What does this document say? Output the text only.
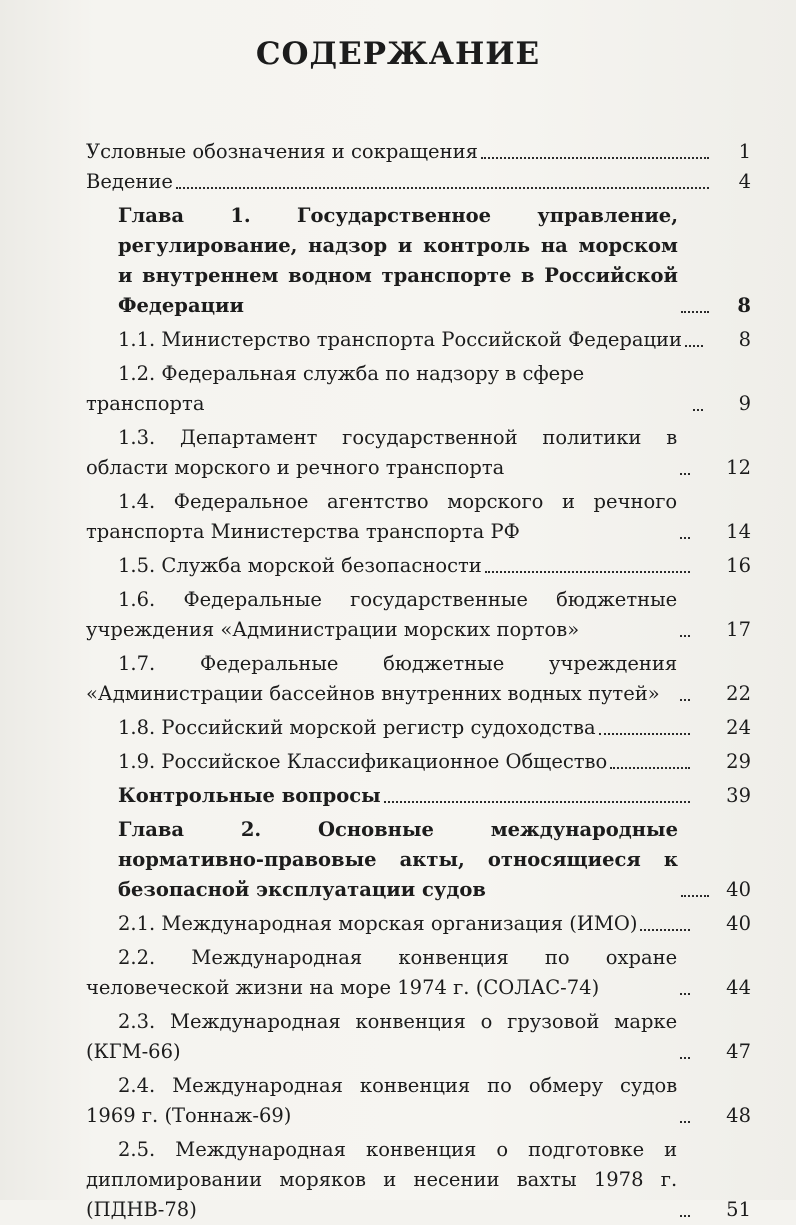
СОДЕРЖАНИЕ
Условные обозначения и сокращения	1
Ведение	4
Глава 1. Государственное управление, регулирование, надзор и контроль на морском и внутреннем водном транспорте в Российской Федерации	8
1.1. Министерство транспорта Российской Федерации	8
1.2. Федеральная служба по надзору в сфере транспорта	9
1.3. Департамент государственной политики в области морского и речного транспорта	12
1.4. Федеральное агентство морского и речного транспорта Министерства транспорта РФ	14
1.5. Служба морской безопасности	16
1.6. Федеральные государственные бюджетные учреждения «Администрации морских портов»	17
1.7. Федеральные бюджетные учреждения «Администрации бассейнов внутренних водных путей»	22
1.8. Российский морской регистр судоходства	24
1.9. Российское Классификационное Общество	29
Контрольные вопросы	39
Глава 2. Основные международные нормативно-правовые акты, относящиеся к безопасной эксплуатации судов	40
2.1. Международная морская организация (ИМО)	40
2.2. Международная конвенция по охране человеческой жизни на море 1974 г. (СОЛАС-74)	44
2.3. Международная конвенция о грузовой марке (КГМ-66)	47
2.4. Международная конвенция по обмеру судов 1969 г. (Тоннаж-69)	48
2.5. Международная конвенция о подготовке и дипломировании моряков и несении вахты 1978 г. (ПДНВ-78)	51
